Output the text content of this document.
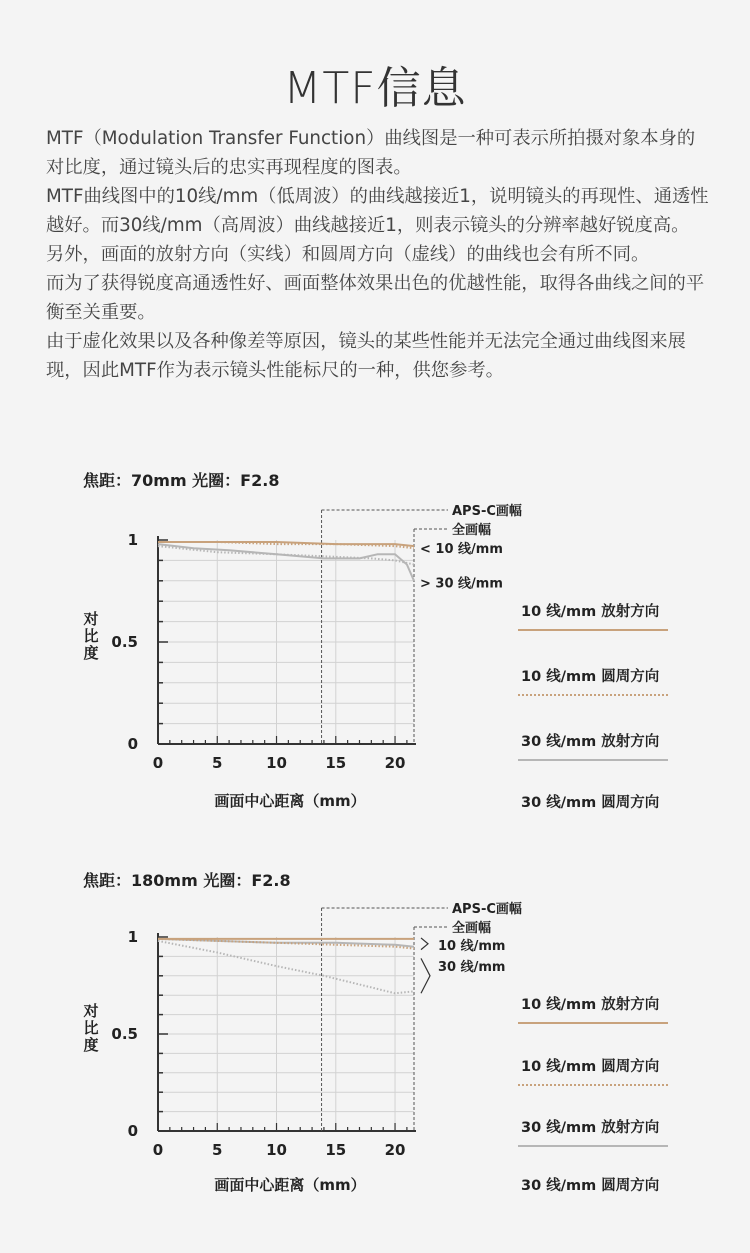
MTF信息

MTF（Modulation Transfer Function）曲线图是一种可表示所拍摄对象本身的对比度，通过镜头后的忠实再现程度的图表。

MTF曲线图中的10线/mm（低周波）的曲线越接近1，说明镜头的再现性、通透性越好。而30线/mm（高周波）曲线越接近1，则表示镜头的分辨率越好锐度高。

另外，画面的放射方向（实线）和圆周方向（虚线）的曲线也会有所不同。

而为了获得锐度高通透性好、画面整体效果出色的优越性能，取得各曲线之间的平衡至关重要。

由于虚化效果以及各种像差等原因，镜头的某些性能并无法完全通过曲线图来展现，因此MTF作为表示镜头性能标尺的一种，供您参考。

焦距：70mm 光圈：F2.8
0	5	10	15	20
0
0.5
1
画面中心距离（mm）
对比度
APS-C画幅
全画幅
< 10 线/mm
> 30 线/mm
10 线/mm 放射方向
10 线/mm 圆周方向
30 线/mm 放射方向
30 线/mm 圆周方向
焦距：180mm 光圈：F2.8
0	5	10	15	20
0
0.5
1
画面中心距离（mm）
对比度
APS-C画幅
全画幅
10 线/mm
30 线/mm
10 线/mm 放射方向
10 线/mm 圆周方向
30 线/mm 放射方向
30 线/mm 圆周方向
